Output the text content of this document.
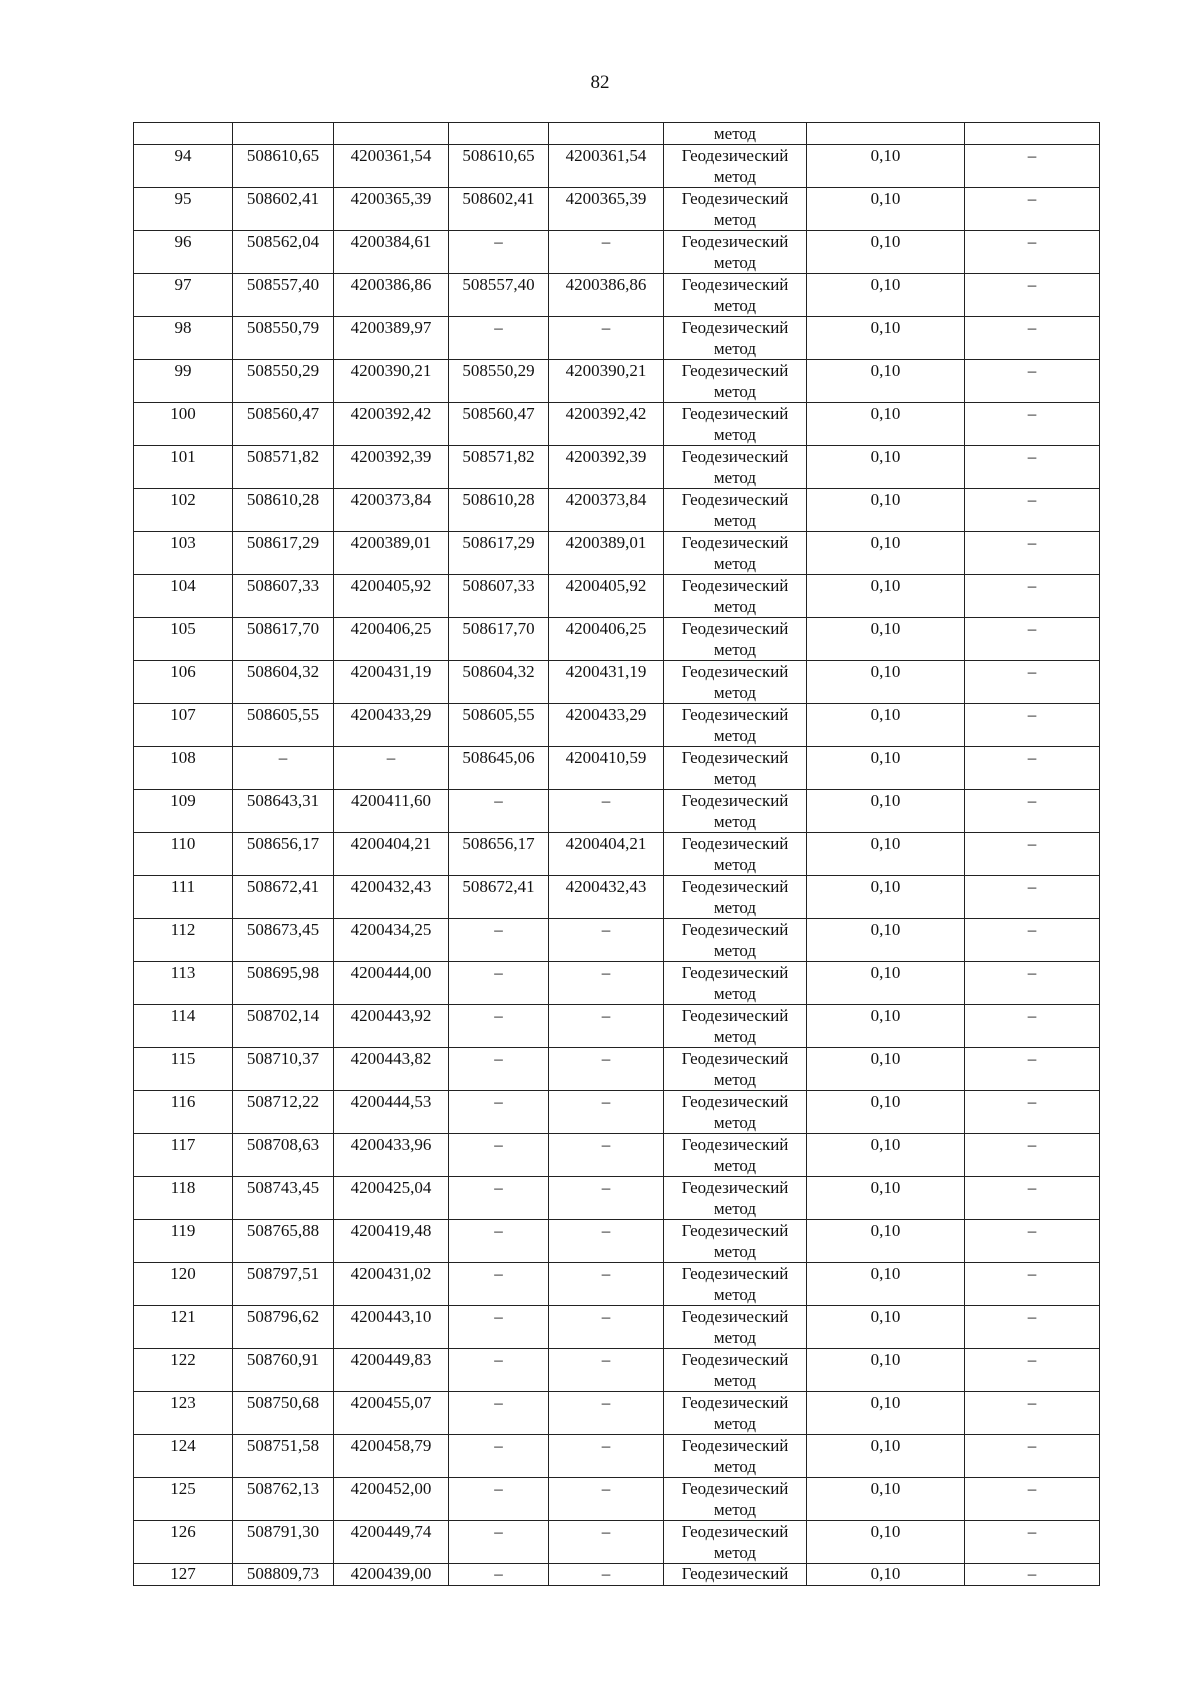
82
					метод		
94	508610,65	4200361,54	508610,65	4200361,54	Геодезический
метод	0,10	–
95	508602,41	4200365,39	508602,41	4200365,39	Геодезический
метод	0,10	–
96	508562,04	4200384,61	–	–	Геодезический
метод	0,10	–
97	508557,40	4200386,86	508557,40	4200386,86	Геодезический
метод	0,10	–
98	508550,79	4200389,97	–	–	Геодезический
метод	0,10	–
99	508550,29	4200390,21	508550,29	4200390,21	Геодезический
метод	0,10	–
100	508560,47	4200392,42	508560,47	4200392,42	Геодезический
метод	0,10	–
101	508571,82	4200392,39	508571,82	4200392,39	Геодезический
метод	0,10	–
102	508610,28	4200373,84	508610,28	4200373,84	Геодезический
метод	0,10	–
103	508617,29	4200389,01	508617,29	4200389,01	Геодезический
метод	0,10	–
104	508607,33	4200405,92	508607,33	4200405,92	Геодезический
метод	0,10	–
105	508617,70	4200406,25	508617,70	4200406,25	Геодезический
метод	0,10	–
106	508604,32	4200431,19	508604,32	4200431,19	Геодезический
метод	0,10	–
107	508605,55	4200433,29	508605,55	4200433,29	Геодезический
метод	0,10	–
108	–	–	508645,06	4200410,59	Геодезический
метод	0,10	–
109	508643,31	4200411,60	–	–	Геодезический
метод	0,10	–
110	508656,17	4200404,21	508656,17	4200404,21	Геодезический
метод	0,10	–
111	508672,41	4200432,43	508672,41	4200432,43	Геодезический
метод	0,10	–
112	508673,45	4200434,25	–	–	Геодезический
метод	0,10	–
113	508695,98	4200444,00	–	–	Геодезический
метод	0,10	–
114	508702,14	4200443,92	–	–	Геодезический
метод	0,10	–
115	508710,37	4200443,82	–	–	Геодезический
метод	0,10	–
116	508712,22	4200444,53	–	–	Геодезический
метод	0,10	–
117	508708,63	4200433,96	–	–	Геодезический
метод	0,10	–
118	508743,45	4200425,04	–	–	Геодезический
метод	0,10	–
119	508765,88	4200419,48	–	–	Геодезический
метод	0,10	–
120	508797,51	4200431,02	–	–	Геодезический
метод	0,10	–
121	508796,62	4200443,10	–	–	Геодезический
метод	0,10	–
122	508760,91	4200449,83	–	–	Геодезический
метод	0,10	–
123	508750,68	4200455,07	–	–	Геодезический
метод	0,10	–
124	508751,58	4200458,79	–	–	Геодезический
метод	0,10	–
125	508762,13	4200452,00	–	–	Геодезический
метод	0,10	–
126	508791,30	4200449,74	–	–	Геодезический
метод	0,10	–
127	508809,73	4200439,00	–	–	Геодезический	0,10	–
